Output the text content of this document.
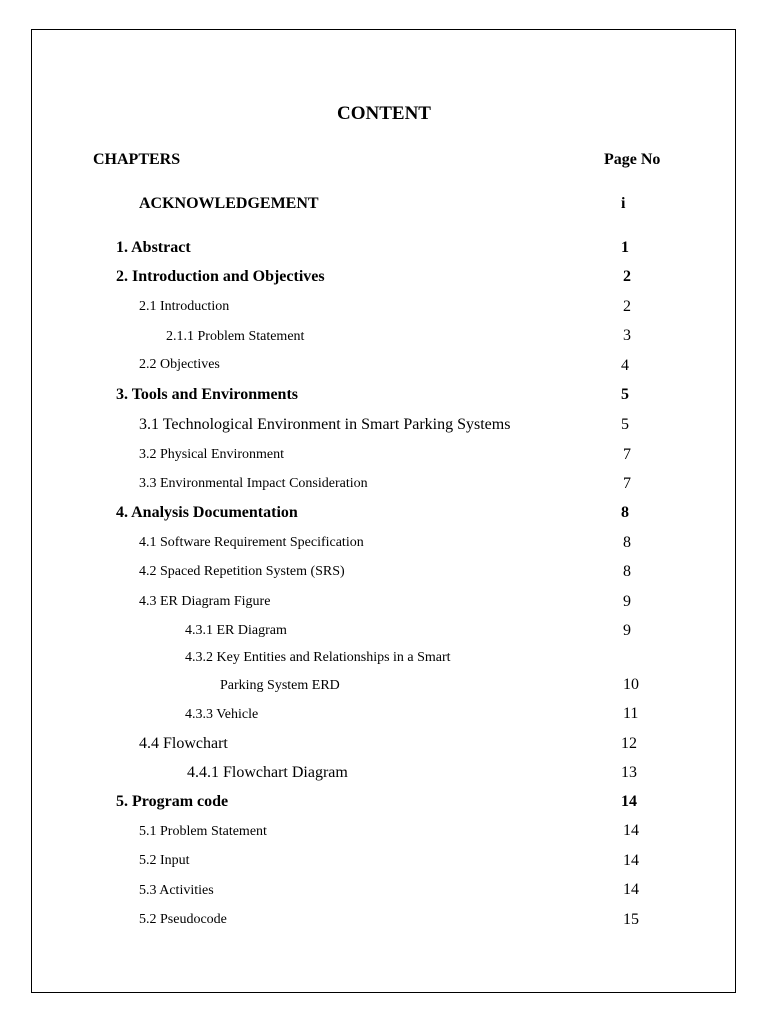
CONTENT
CHAPTERS	Page No
ACKNOWLEDGEMENT	i
1. Abstract	1
2. Introduction and Objectives	2
2.1 Introduction	2
2.1.1 Problem Statement	3
2.2 Objectives	4
3. Tools and Environments	5
3.1 Technological Environment in Smart Parking Systems	5
3.2 Physical Environment	7
3.3 Environmental Impact Consideration	7
4. Analysis Documentation	8
4.1 Software Requirement Specification	8
4.2 Spaced Repetition System (SRS)	8
4.3 ER Diagram Figure	9
4.3.1 ER Diagram	9
4.3.2 Key Entities and Relationships in a Smart
Parking System ERD	10
4.3.3 Vehicle	11
4.4 Flowchart	12
4.4.1 Flowchart Diagram	13
5. Program code	14
5.1 Problem Statement	14
5.2 Input	14
5.3 Activities	14
5.2 Pseudocode	15
